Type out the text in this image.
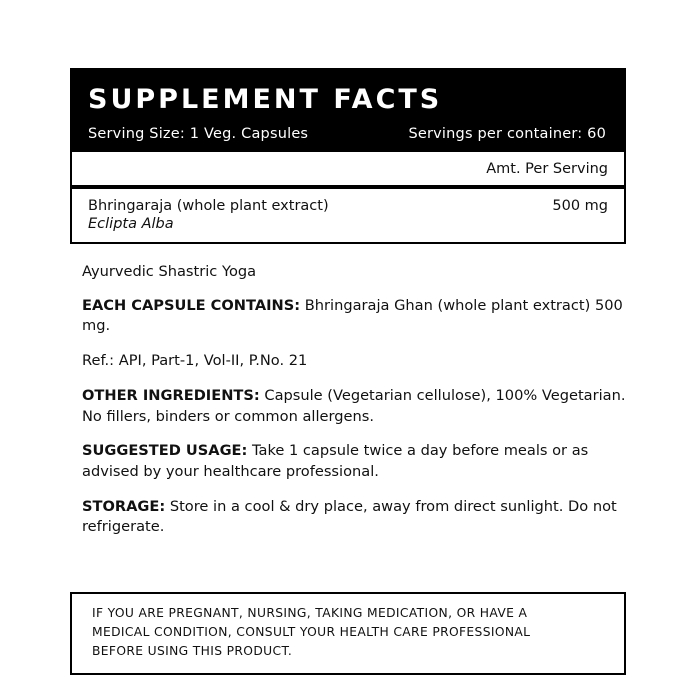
SUPPLEMENT FACTS
Serving Size: 1 Veg. Capsules	Servings per container: 60
Amt. Per Serving
Bhringaraja (whole plant extract)	500 mg
Eclipta Alba

Ayurvedic Shastric Yoga

EACH CAPSULE CONTAINS: Bhringaraja Ghan (whole plant extract) 500 mg.

Ref.: API, Part-1, Vol-II, P.No. 21

OTHER INGREDIENTS: Capsule (Vegetarian cellulose), 100% Vegetarian. No fillers, binders or common allergens.

SUGGESTED USAGE: Take 1 capsule twice a day before meals or as advised by your healthcare professional.

STORAGE: Store in a cool & dry place, away from direct sunlight. Do not refrigerate.

IF YOU ARE PREGNANT, NURSING, TAKING MEDICATION, OR HAVE A
MEDICAL CONDITION, CONSULT YOUR HEALTH CARE PROFESSIONAL
BEFORE USING THIS PRODUCT.
